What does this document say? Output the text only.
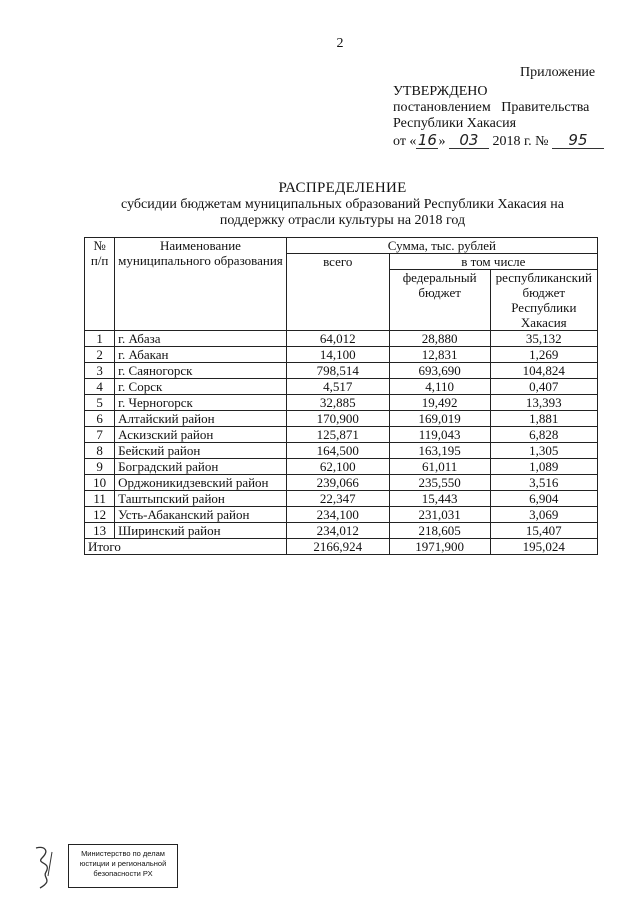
2
Приложение
УТВЕРЖДЕНО
постановлением   Правительства
Республики Хакасия
от «16» 03 2018 г. № 95
РАСПРЕДЕЛЕНИЕ
субсидии бюджетам муниципальных образований Республики Хакасия на поддержку отрасли культуры на 2018 год
№ п/п	Наименование муниципального образования	Сумма, тыс. рублей		
		всего	в том числе	
			федеральный бюджет	республиканский бюджет Республики Хакасия
1	г. Абаза	64,012	28,880	35,132
2	г. Абакан	14,100	12,831	1,269
3	г. Саяногорск	798,514	693,690	104,824
4	г. Сорск	4,517	4,110	0,407
5	г. Черногорск	32,885	19,492	13,393
6	Алтайский район	170,900	169,019	1,881
7	Аскизский район	125,871	119,043	6,828
8	Бейский район	164,500	163,195	1,305
9	Боградский район	62,100	61,011	1,089
10	Орджоникидзевский район	239,066	235,550	3,516
11	Таштыпский район	22,347	15,443	6,904
12	Усть-Абаканский район	234,100	231,031	3,069
13	Ширинский район	234,012	218,605	15,407
Итого		2166,924	1971,900	195,024
Министерство по делам
юстиции и региональной
безопасности РХ
